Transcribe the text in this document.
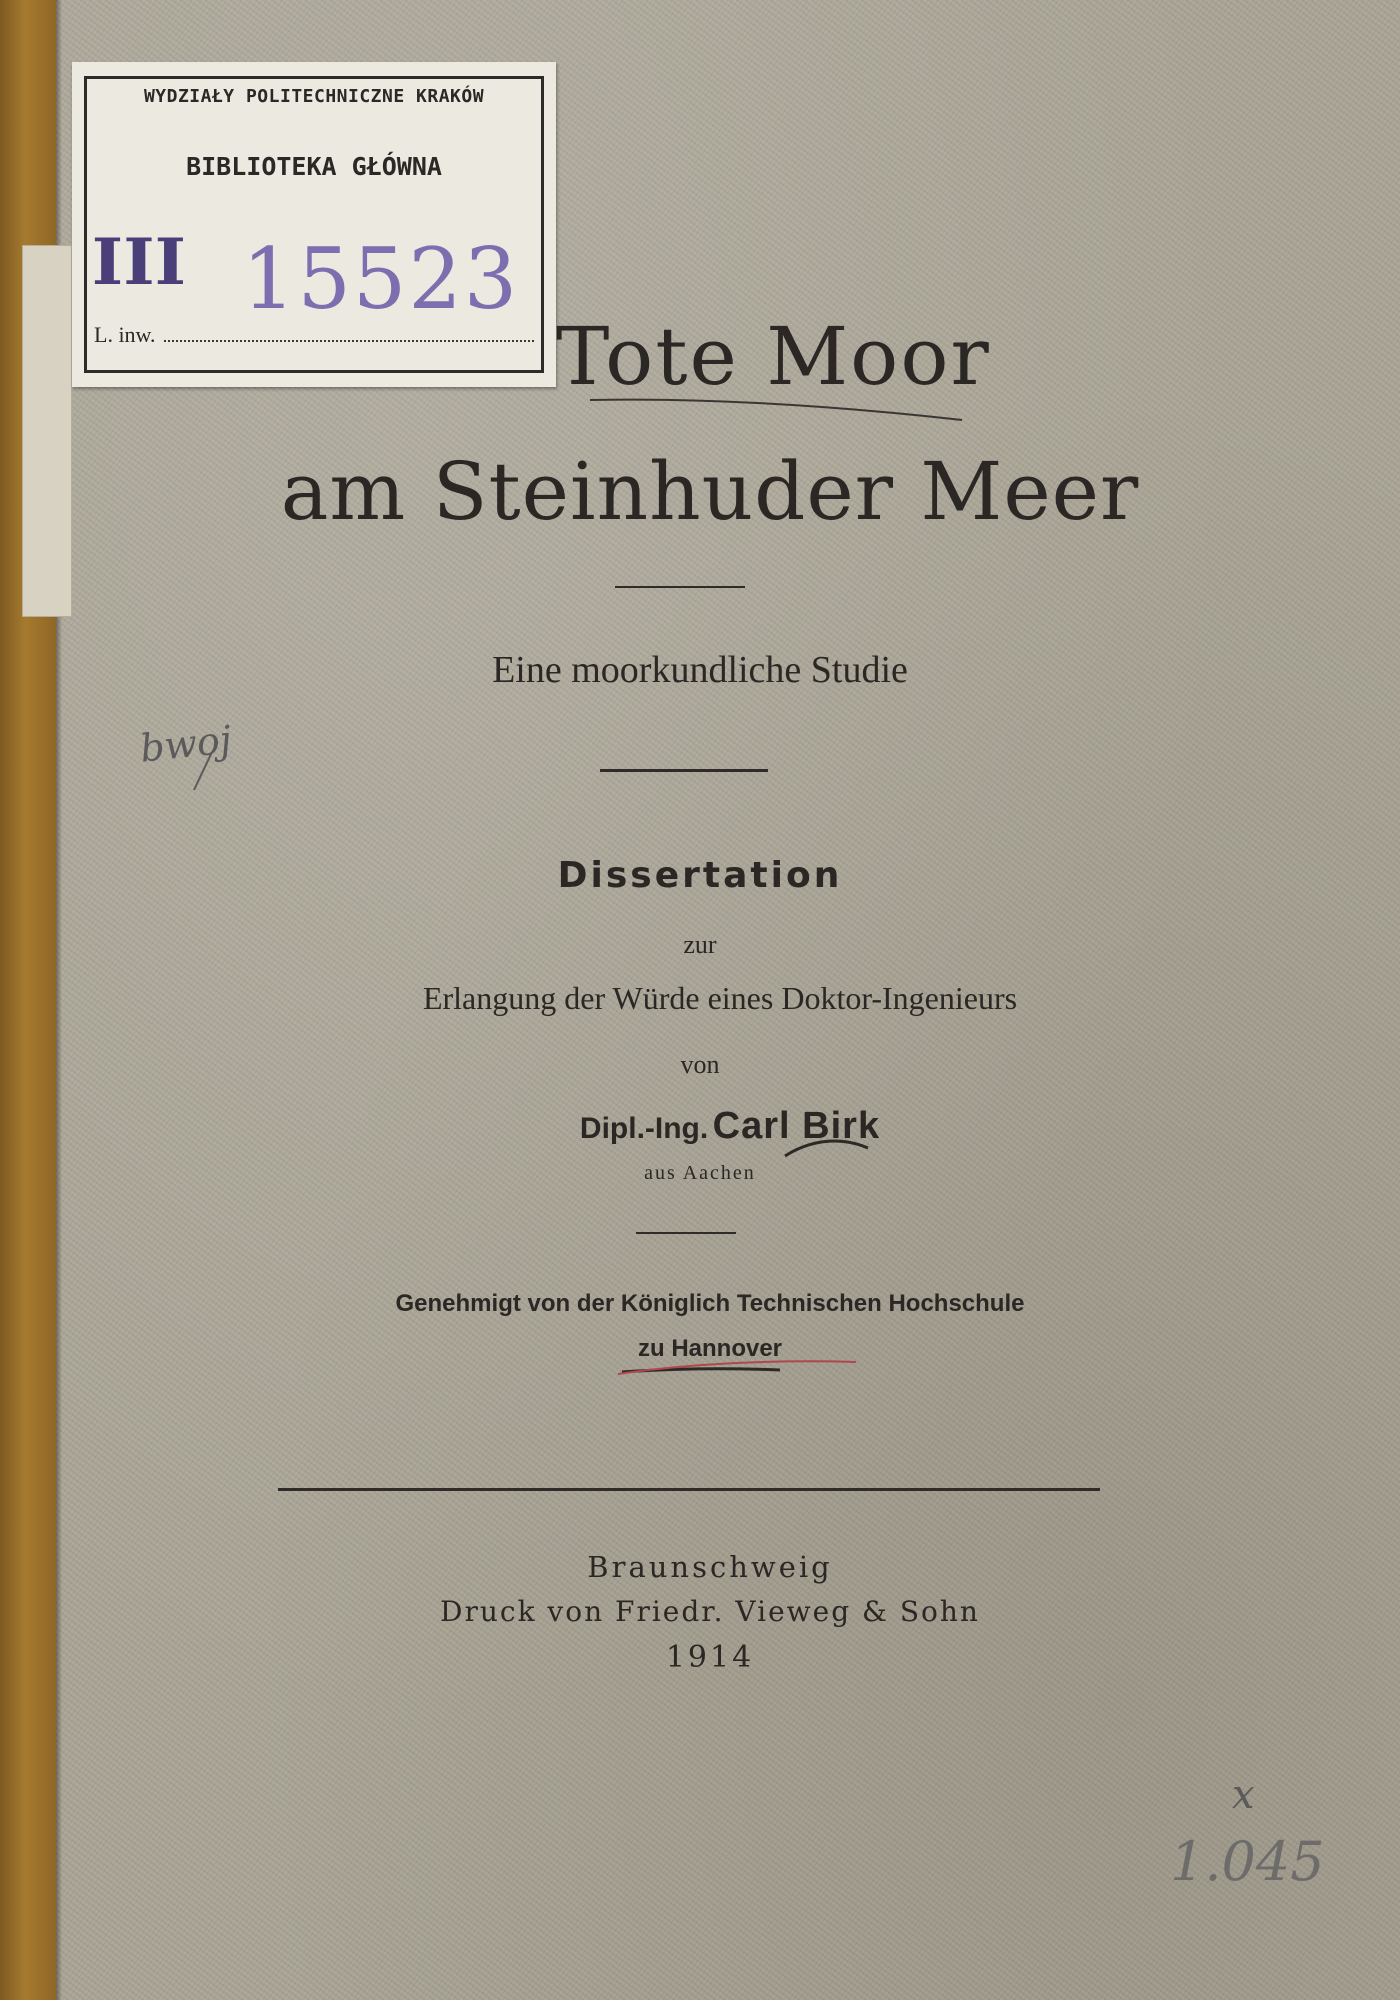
WYDZIAŁY POLITECHNICZNE KRAKÓW
BIBLIOTEKA GŁÓWNA
III 15523
L. inw.	Tote Moor
am Steinhuder Meer
Eine moorkundliche Studie
Dissertation
zur
Erlangung der Würde eines Doktor-Ingenieurs
von
Dipl.-Ing. Carl Birk
aus Aachen
Genehmigt von der Königlich Technischen Hochschule
zu Hannover
Braunschweig
Druck von Friedr. Vieweg & Sohn
1914
bwoj
x
1.045
